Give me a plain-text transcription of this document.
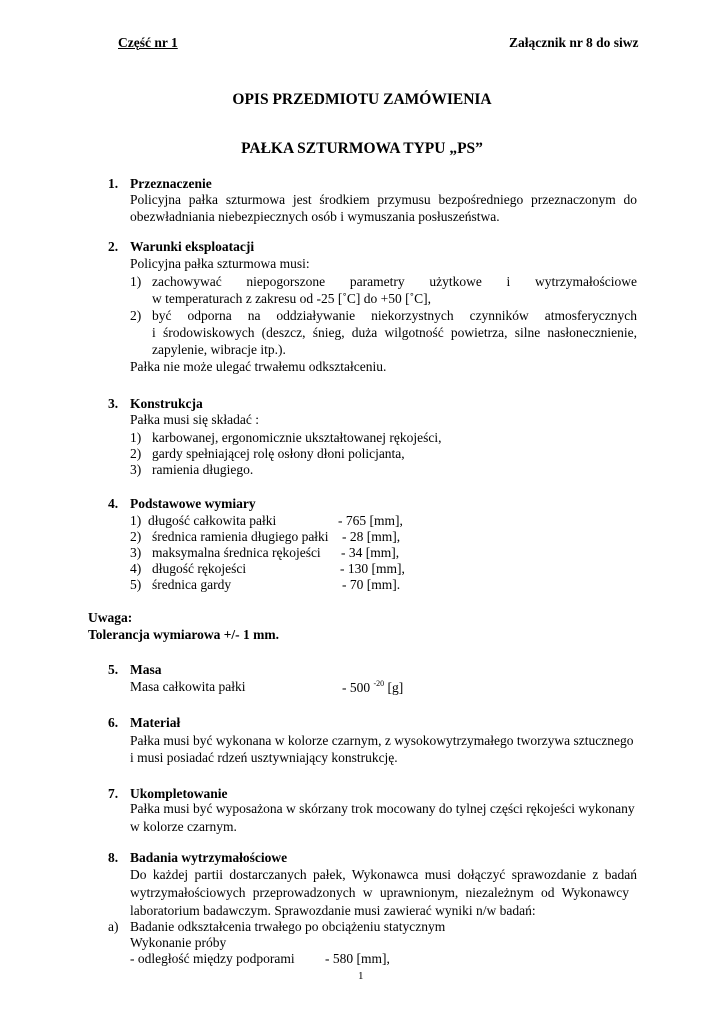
Część nr 1	Załącznik nr 8 do siwz
OPIS PRZEDMIOTU ZAMÓWIENIA
PAŁKA SZTURMOWA TYPU „PS”
1. Przeznaczenie
Policyjna pałka szturmowa jest środkiem przymusu bezpośredniego przeznaczonym do
obezwładniania niebezpiecznych osób i wymuszania posłuszeństwa.
2. Warunki eksploatacji
Policyjna pałka szturmowa musi:
1) zachowywać niepogorszone parametry użytkowe i wytrzymałościowe
w temperaturach z zakresu od -25 [˚C] do +50 [˚C],
2) być odporna na oddziaływanie niekorzystnych czynników atmosferycznych
i środowiskowych (deszcz, śnieg, duża wilgotność powietrza, silne nasłonecznienie,
zapylenie, wibracje itp.).
Pałka nie może ulegać trwałemu odkształceniu.
3. Konstrukcja
Pałka musi się składać :
1) karbowanej, ergonomicznie ukształtowanej rękojeści,
2) gardy spełniającej rolę osłony dłoni policjanta,
3) ramienia długiego.
4. Podstawowe wymiary
1) długość całkowita pałki	- 765 [mm],
2) średnica ramienia długiego pałki - 28 [mm],
3) maksymalna średnica rękojeści - 34 [mm],
4) długość rękojeści	- 130 [mm],
5) średnica gardy	- 70 [mm].
Uwaga:
Tolerancja wymiarowa +/- 1 mm.
5. Masa
Masa całkowita pałki	- 500 $^{-20}$ [g]
6. Materiał
Pałka musi być wykonana w kolorze czarnym, z wysokowytrzymałego tworzywa sztucznego
i musi posiadać rdzeń usztywniający konstrukcję.
7. Ukompletowanie
Pałka musi być wyposażona w skórzany trok mocowany do tylnej części rękojeści wykonany
w kolorze czarnym.
8. Badania wytrzymałościowe
Do każdej partii dostarczanych pałek, Wykonawca musi dołączyć sprawozdanie z badań
wytrzymałościowych przeprowadzonych w uprawnionym, niezależnym od Wykonawcy
laboratorium badawczym. Sprawozdanie musi zawierać wyniki n/w badań:
a) Badanie odkształcenia trwałego po obciążeniu statycznym
Wykonanie próby
- odległość między podporami - 580 [mm],
1
